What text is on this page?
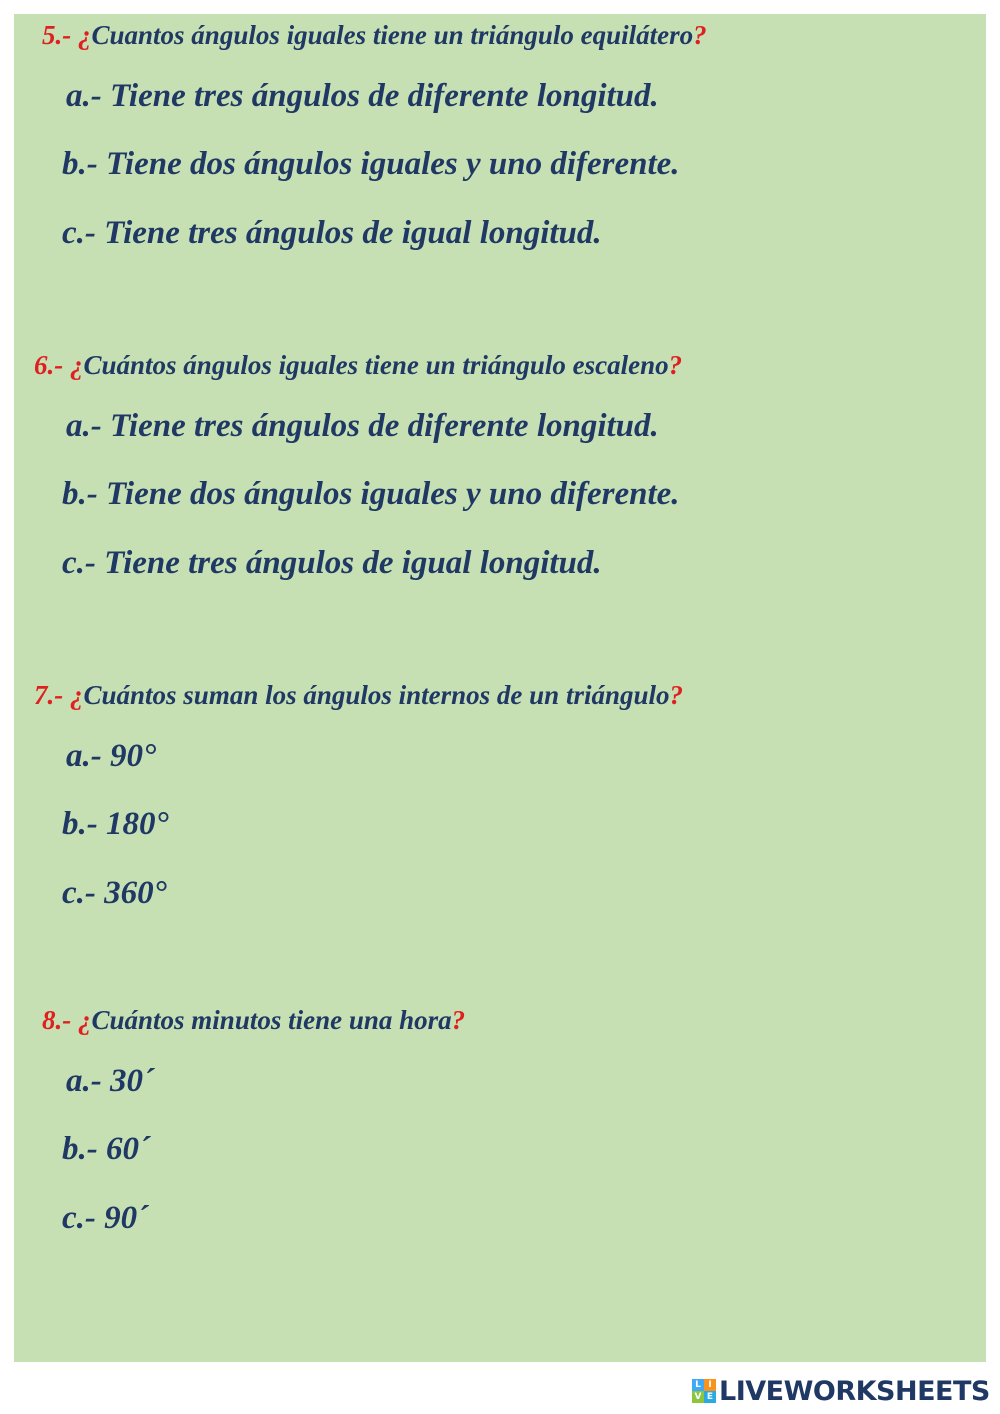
5.- ¿Cuantos ángulos iguales tiene un triángulo equilátero?
a.- Tiene tres ángulos de diferente longitud.
b.- Tiene dos ángulos iguales y uno diferente.
c.- Tiene tres ángulos de igual longitud.
6.- ¿Cuántos ángulos iguales tiene un triángulo escaleno?
a.- Tiene tres ángulos de diferente longitud.
b.- Tiene dos ángulos iguales y uno diferente.
c.- Tiene tres ángulos de igual longitud.
7.- ¿Cuántos suman los ángulos internos de un triángulo?
a.- 90°
b.- 180°
c.- 360°
8.- ¿Cuántos minutos tiene una hora?
a.- 30´
b.- 60´
c.- 90´
L I
V E LIVEWORKSHEETS
